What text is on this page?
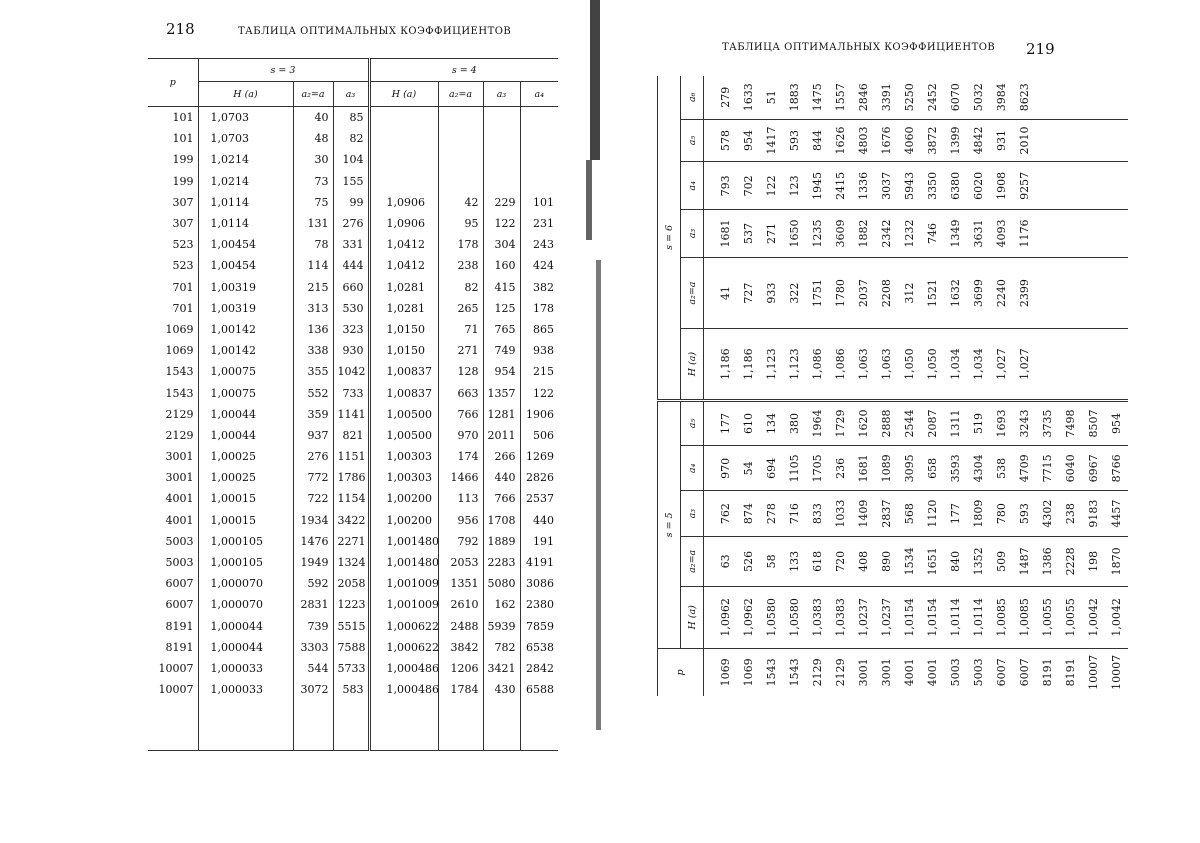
218	ТАБЛИЦА ОПТИМАЛЬНЫХ КОЭФФИЦИЕНТОВ
p	s = 3			s = 4			
	H (a)	a₂=a	a₃	H (a)	a₂=a	a₃	a₄
101	1,0703	40	85				
101	1,0703	48	82				
199	1,0214	30	104				
199	1,0214	73	155				
307	1,0114	75	99	1,0906	42	229	101
307	1,0114	131	276	1,0906	95	122	231
523	1,00454	78	331	1,0412	178	304	243
523	1,00454	114	444	1,0412	238	160	424
701	1,00319	215	660	1,0281	82	415	382
701	1,00319	313	530	1,0281	265	125	178
1069	1,00142	136	323	1,0150	71	765	865
1069	1,00142	338	930	1,0150	271	749	938
1543	1,00075	355	1042	1,00837	128	954	215
1543	1,00075	552	733	1,00837	663	1357	122
2129	1,00044	359	1141	1,00500	766	1281	1906
2129	1,00044	937	821	1,00500	970	2011	506
3001	1,00025	276	1151	1,00303	174	266	1269
3001	1,00025	772	1786	1,00303	1466	440	2826
4001	1,00015	722	1154	1,00200	113	766	2537
4001	1,00015	1934	3422	1,00200	956	1708	440
5003	1,000105	1476	2271	1,001480	792	1889	191
5003	1,000105	1949	1324	1,001480	2053	2283	4191
6007	1,000070	592	2058	1,001009	1351	5080	3086
6007	1,000070	2831	1223	1,001009	2610	162	2380
8191	1,000044	739	5515	1,000622	2488	5939	7859
8191	1,000044	3303	7588	1,000622	3842	782	6538
10007	1,000033	544	5733	1,000486	1206	3421	2842
10007	1,000033	3072	583	1,000486	1784	430	6588

ТАБЛИЦА ОПТИМАЛЬНЫХ КОЭФФИЦИЕНТОВ 219
p	s = 5					s = 6					
	H (a)	a₂=a	a₃	a₄	a₅	H (a)	a₂=a	a₃	a₄	a₅	a₆

1069	1,0962	63	762	970	177	1,186	41	1681	793	578	279
1069	1,0962	526	874	54	610	1,186	727	537	702	954	1633
1543	1,0580	58	278	694	134	1,123	933	271	122	1417	51
1543	1,0580	133	716	1105	380	1,123	322	1650	123	593	1883
2129	1,0383	618	833	1705	1964	1,086	1751	1235	1945	844	1475
2129	1,0383	720	1033	236	1729	1,086	1780	3609	2415	1626	1557
3001	1,0237	408	1409	1681	1620	1,063	2037	1882	1336	4803	2846
3001	1,0237	890	2837	1089	2888	1,063	2208	2342	3037	1676	3391
4001	1,0154	1534	568	3095	2544	1,050	312	1232	5943	4060	5250
4001	1,0154	1651	1120	658	2087	1,050	1521	746	3350	3872	2452
5003	1,0114	840	177	3593	1311	1,034	1632	1349	6380	1399	6070
5003	1,0114	1352	1809	4304	519	1,034	3699	3631	6020	4842	5032
6007	1,0085	509	780	538	1693	1,027	2240	4093	1908	931	3984
6007	1,0085	1487	593	4709	3243	1,027	2399	1176	9257	2010	8623
8191	1,0055	1386	4302	7715	3735						
8191	1,0055	2228	238	6040	7498						
10007	1,0042	198	9183	6967	8507						
10007	1,0042	1870	4457	8766	954						
